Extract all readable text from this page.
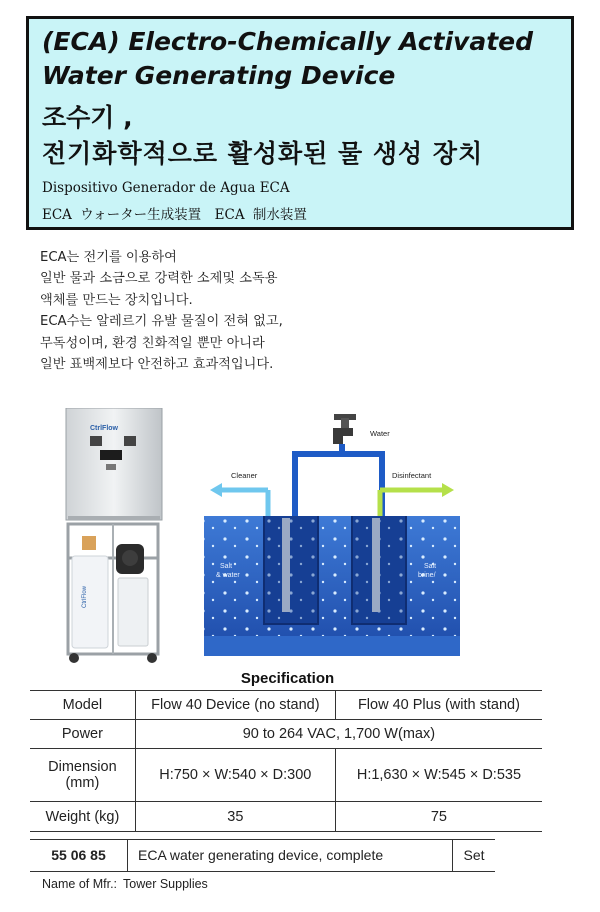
(ECA) Electro-Chemically Activated
Water Generating Device
조수기 ,
전기화학적으로 활성화된 물 생성 장치
Dispositivo Generador de Agua ECA
ECA ウォーター生成装置　ECA 制水装置
ECA는 전기를 이용하여
일반 물과 소금으로 강력한 소제및 소독용
액체를 만드는 장치입니다.
ECA수는 알레르기 유발 물질이 전혀 없고,
무독성이며, 환경 친화적일 뿐만 아니라
일반 표백제보다 안전하고 효과적입니다.
CtrlFlow
CtrlFlow
Water
Cleaner	Disinfectant
Salt
& water
Salt
brine/
Specification
Model	Flow 40 Device (no stand)	Flow 40 Plus (with stand)
Power	90 to 264 VAC, 1,700 W(max)	

Dimension
(mm)	H:750 × W:540 × D:300	H:1,630 × W:545 × D:535
Weight (kg)	35	75
55 06 85	ECA water generating device, complete	Set
Name of Mfr.: Tower Supplies
